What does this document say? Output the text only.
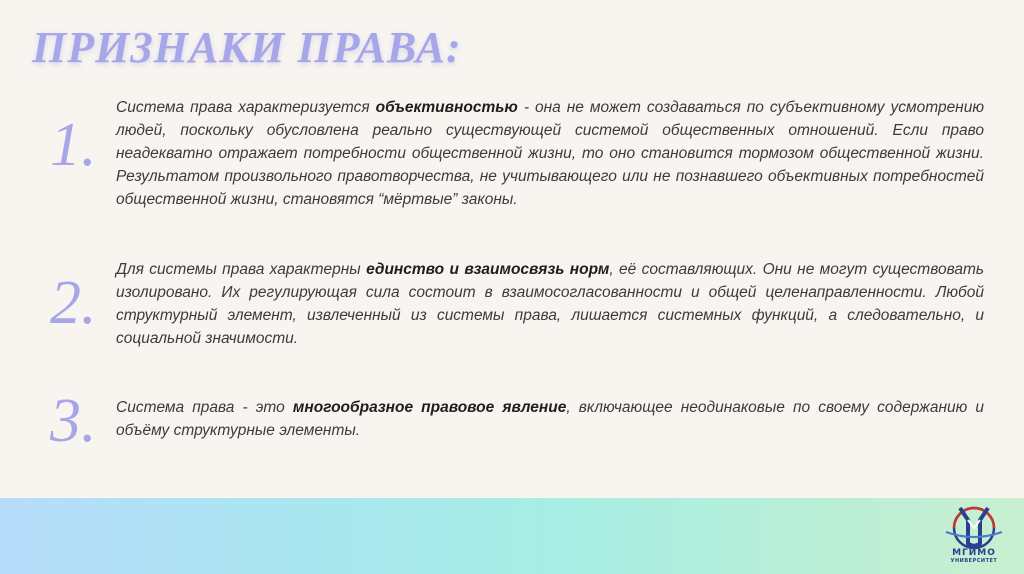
ПРИЗНАКИ ПРАВА:
1.

Система права характеризуется объективностью - она не может создаваться по субъективному усмотрению людей, поскольку обусловлена реально существующей системой общественных отношений. Если право неадекватно отражает потребности общественной жизни, то оно становится тормозом общественной жизни. Результатом произвольного правотворчества, не учитывающего или не познавшего объективных потребностей общественной жизни, становятся “мёртвые” законы.

2. Для системы права характерны единство и взаимосвязь норм, её составляющих. Они не могут существовать изолировано. Их регулирующая сила состоит в взаимосогласованности и общей целенаправленности. Любой структурный элемент, извлеченный из системы права, лишается системных функций, а следовательно, и социальной значимости.

3. Система права - это многообразное правовое явление, включающее неодинаковые по своему содержанию и объёму структурные элементы.

МГИМО
УНИВЕРСИТЕТ
